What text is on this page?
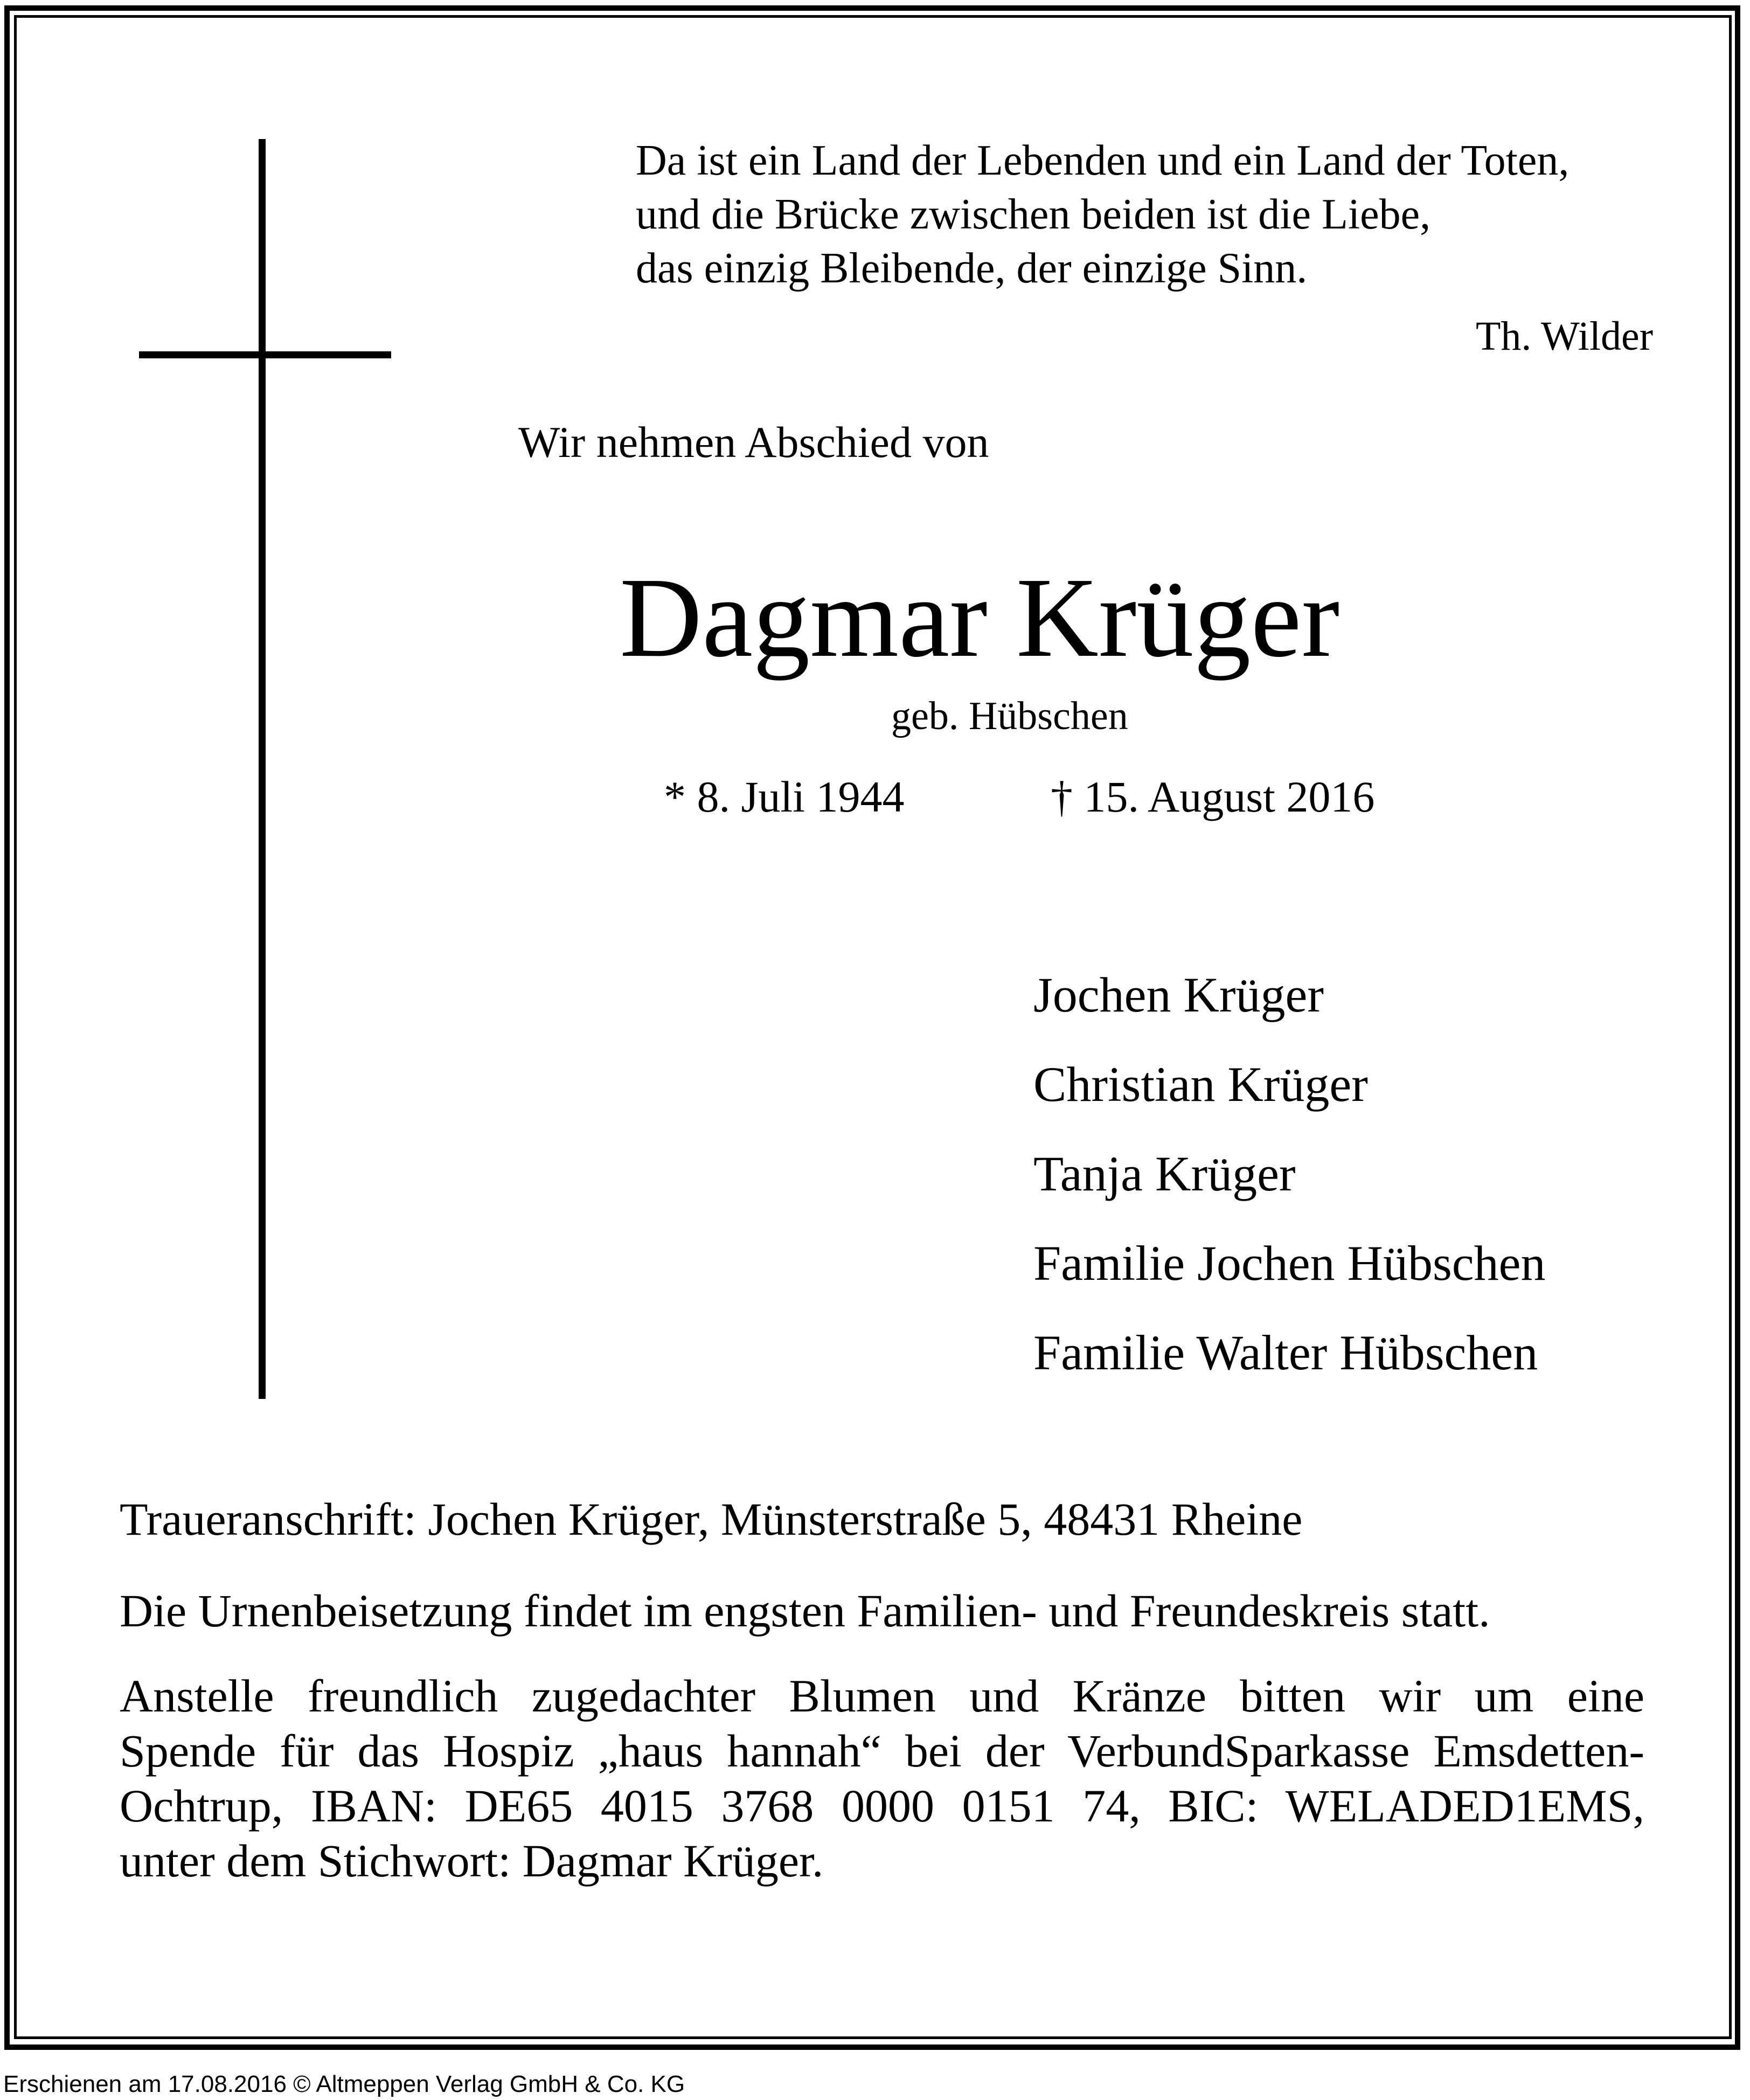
Da ist ein Land der Lebenden und ein Land der Toten,
und die Brücke zwischen beiden ist die Liebe,
das einzig Bleibende, der einzige Sinn.
Th. Wilder
Wir nehmen Abschied von
Dagmar Krüger
geb. Hübschen
* 8. Juli 1944	† 15. August 2016
Jochen Krüger
Christian Krüger
Tanja Krüger
Familie Jochen Hübschen
Familie Walter Hübschen
Traueranschrift: Jochen Krüger, Münsterstraße 5, 48431 Rheine
Die Urnenbeisetzung findet im engsten Familien- und Freundeskreis statt.
Anstelle freundlich zugedachter Blumen und Kränze bitten wir um eine
Spende für das Hospiz „haus hannah“ bei der VerbundSparkasse Emsdetten-
Ochtrup, IBAN: DE65 4015 3768 0000 0151 74, BIC: WELADED1EMS,
unter dem Stichwort: Dagmar Krüger.
Erschienen am 17.08.2016 © Altmeppen Verlag GmbH & Co. KG
